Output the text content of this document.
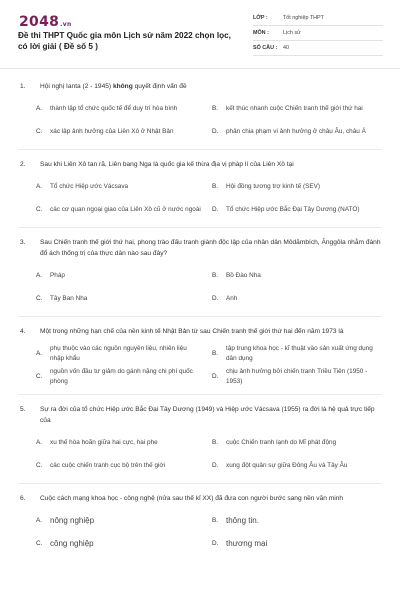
2048.vn
Đề thi THPT Quốc gia môn Lịch sử năm 2022 chọn lọc, có lời giải ( Đề số 5 )
LỚP :	Tốt nghiệp THPT
MÔN :	Lịch sử
SỐ CÂU :	40
1.	Hội nghị Ianta (2 - 1945) không quyết định vấn đề
A.	thành lập tổ chức quốc tế để duy trì hòa bình	B.	kết thúc nhanh cuộc Chiến tranh thế giới thứ hai
C.	xác lập ảnh hưởng của Liên Xô ở Nhật Bản	D.	phân chia phạm vi ảnh hưởng ở châu Âu, châu Á
2.	Sau khi Liên Xô tan rã, Liên bang Nga là quốc gia kế thừa địa vị pháp lí của Liên Xô tại
A.	Tổ chức Hiệp ước Vácsava	B.	Hội đồng tương trợ kinh tế (SEV)
C.	các cơ quan ngoại giao của Liên Xô cũ ở nước ngoài	D.	Tổ chức Hiệp ước Bắc Đại Tây Dương (NATO)
3.	Sau Chiến tranh thế giới thứ hai, phong trào đấu tranh giành độc lập của nhân dân Môdămbích, Ănggôla nhằm đánh đổ ách thống trị của thực dân nào sau đây?
A.	Pháp	B.	Bồ Đào Nha
C.	Tây Ban Nha	D.	Anh
4.	Một trong những hạn chế của nền kinh tế Nhật Bản từ sau Chiến tranh thế giới thứ hai đến năm 1973 là
A.
phụ thuộc vào các nguồn nguyên liệu, nhiên liệu nhập khẩu
B.
tập trung khoa học - kĩ thuật vào sản xuất ứng dụng dân dụng
C.
nguồn vốn đầu tư giảm do gánh nặng chi phí quốc phòng
D.
chịu ảnh hưởng bởi chiến tranh Triều Tiên (1950 - 1953)
5.	Sự ra đời của tổ chức Hiệp ước Bắc Đại Tây Dương (1949) và Hiệp ước Vácsava (1955) ra đời là hệ quả trực tiếp của
A.	xu thế hòa hoãn giữa hai cực, hai phe	B.	cuộc Chiến tranh lạnh do Mĩ phát động
C.	các cuộc chiến tranh cục bộ trên thế giới	D.	xung đột quân sự giữa Đông Âu và Tây Âu
6.	Cuộc cách mạng khoa học - công nghệ (nửa sau thế kỉ XX) đã đưa con người bước sang nền văn minh
A. nông nghiệp	B. thông tin.
C. công nghiệp	D. thương mại
